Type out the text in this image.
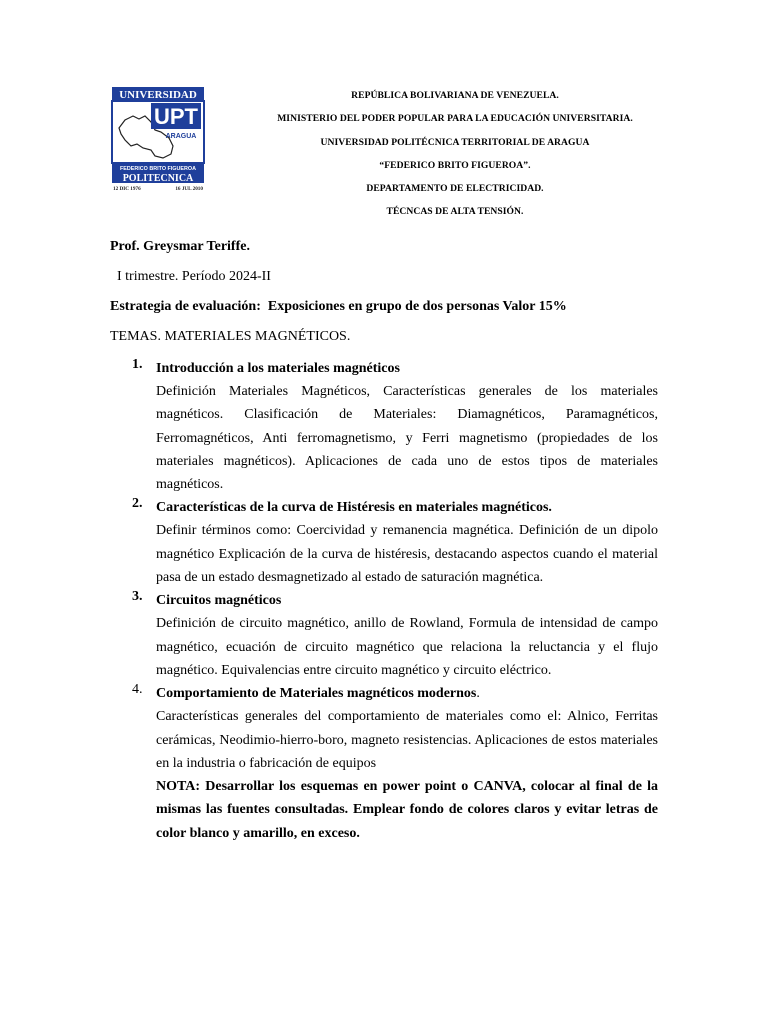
UNIVERSIDAD
UPT
ARAGUA
FEDERICO BRITO FIGUEROA
POLITECNICA
12 DIC 1976	16 JUL 2010
REPÚBLICA BOLIVARIANA DE VENEZUELA.
MINISTERIO DEL PODER POPULAR PARA LA EDUCACIÓN UNIVERSITARIA.
UNIVERSIDAD POLITÉCNICA TERRITORIAL DE ARAGUA
“FEDERICO BRITO FIGUEROA”.
DEPARTAMENTO DE ELECTRICIDAD.
TÉCNCAS DE ALTA TENSIÓN.
Prof. Greysmar Teriffe.
I trimestre. Período 2024-II
Estrategia de evaluación: Exposiciones en grupo de dos personas Valor 15%
TEMAS. MATERIALES MAGNÉTICOS.
1. Introducción a los materiales magnéticos
Definición Materiales Magnéticos, Características generales de los materiales magnéticos. Clasificación de Materiales: Diamagnéticos, Paramagnéticos, Ferromagnéticos, Anti ferromagnetismo, y Ferri magnetismo (propiedades de los materiales magnéticos). Aplicaciones de cada uno de estos tipos de materiales magnéticos.
2. Características de la curva de Histéresis en materiales magnéticos.
Definir términos como: Coercividad y remanencia magnética. Definición de un dipolo magnético Explicación de la curva de histéresis, destacando aspectos cuando el material pasa de un estado desmagnetizado al estado de saturación magnética.
3. Circuitos magnéticos
Definición de circuito magnético, anillo de Rowland, Formula de intensidad de campo magnético, ecuación de circuito magnético que relaciona la reluctancia y el flujo magnético. Equivalencias entre circuito magnético y circuito eléctrico.
4. Comportamiento de Materiales magnéticos modernos.
Características generales del comportamiento de materiales como el: Alnico, Ferritas cerámicas, Neodimio-hierro-boro, magneto resistencias. Aplicaciones de estos materiales en la industria o fabricación de equipos
NOTA: Desarrollar los esquemas en power point o CANVA, colocar al final de la mismas las fuentes consultadas. Emplear fondo de colores claros y evitar letras de color blanco y amarillo, en exceso.
